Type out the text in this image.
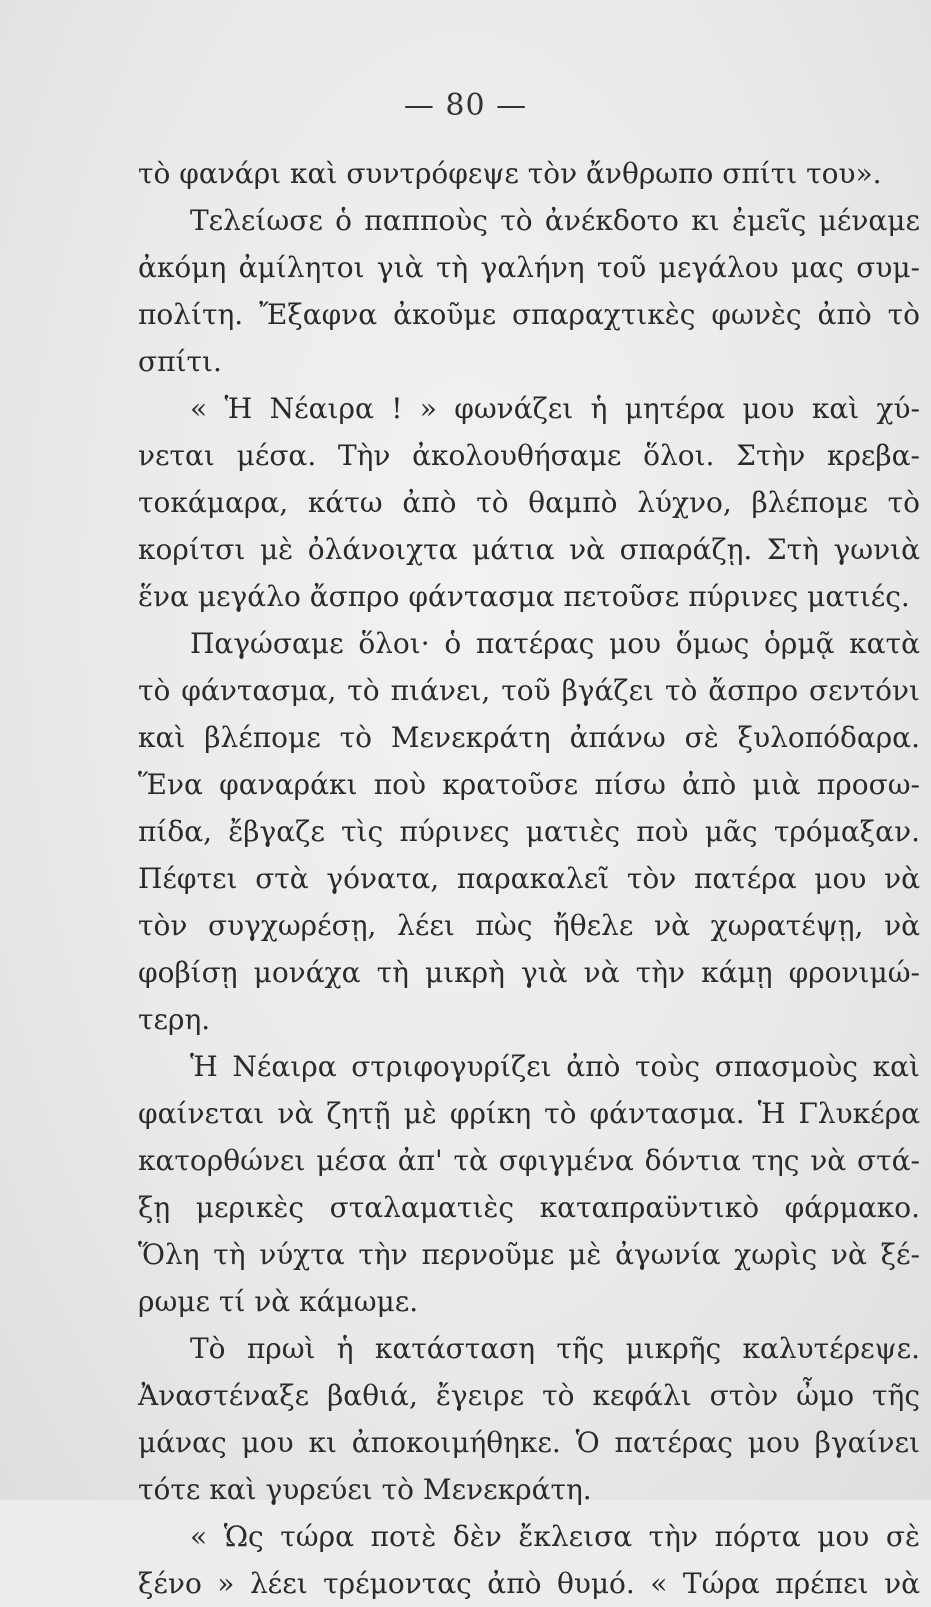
— 80 —
τὸ φανάρι καὶ συντρόφεψε τὸν ἄνθρωπο σπίτι του».
Τελείωσε ὁ παπποὺς τὸ ἀνέκδοτο κι ἐμεῖς μέναμε
ἀκόμη ἀμίλητοι γιὰ τὴ γαλήνη τοῦ μεγάλου μας συμ-
πολίτη. Ἔξαφνα ἀκοῦμε σπαραχτικὲς φωνὲς ἀπὸ τὸ
σπίτι.
« Ἡ Νέαιρα ! » φωνάζει ἡ μητέρα μου καὶ χύ-
νεται μέσα. Τὴν ἀκολουθήσαμε ὅλοι. Στὴν κρεβα-
τοκάμαρα, κάτω ἀπὸ τὸ θαμπὸ λύχνο, βλέπομε τὸ
κορίτσι μὲ ὀλάνοιχτα μάτια νὰ σπαράζῃ. Στὴ γωνιὰ
ἕνα μεγάλο ἄσπρο φάντασμα πετοῦσε πύρινες ματιές.
Παγώσαμε ὅλοι· ὁ πατέρας μου ὅμως ὁρμᾷ κατὰ
τὸ φάντασμα, τὸ πιάνει, τοῦ βγάζει τὸ ἄσπρο σεντόνι
καὶ βλέπομε τὸ Μενεκράτη ἀπάνω σὲ ξυλοπόδαρα.
Ἕνα φαναράκι ποὺ κρατοῦσε πίσω ἀπὸ μιὰ προσω-
πίδα, ἔβγαζε τὶς πύρινες ματιὲς ποὺ μᾶς τρόμαξαν.
Πέφτει στὰ γόνατα, παρακαλεῖ τὸν πατέρα μου νὰ
τὸν συγχωρέσῃ, λέει πὼς ἤθελε νὰ χωρατέψῃ, νὰ
φοβίσῃ μονάχα τὴ μικρὴ γιὰ νὰ τὴν κάμῃ φρονιμώ-
τερη.
Ἡ Νέαιρα στριφογυρίζει ἀπὸ τοὺς σπασμοὺς καὶ
φαίνεται νὰ ζητῇ μὲ φρίκη τὸ φάντασμα. Ἡ Γλυκέρα
κατορθώνει μέσα ἀπ' τὰ σφιγμένα δόντια της νὰ στά-
ξῃ μερικὲς σταλαματιὲς καταπραϋντικὸ φάρμακο.
Ὅλη τὴ νύχτα τὴν περνοῦμε μὲ ἀγωνία χωρὶς νὰ ξέ-
ρωμε τί νὰ κάμωμε.
Τὸ πρωὶ ἡ κατάσταση τῆς μικρῆς καλυτέρεψε.
Ἀναστέναξε βαθιά, ἔγειρε τὸ κεφάλι στὸν ὦμο τῆς
μάνας μου κι ἀποκοιμήθηκε. Ὁ πατέρας μου βγαίνει
τότε καὶ γυρεύει τὸ Μενεκράτη.
« Ὡς τώρα ποτὲ δὲν ἔκλεισα τὴν πόρτα μου σὲ
ξένο » λέει τρέμοντας ἀπὸ θυμό. « Τώρα πρέπει νὰ
